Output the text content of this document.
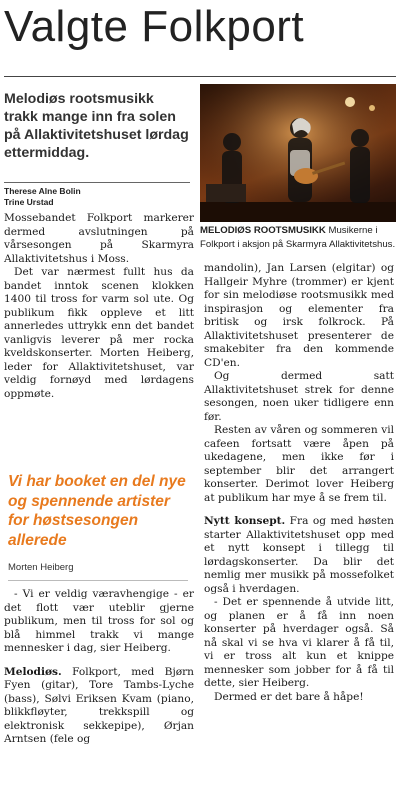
Valgte Folkport
Melodiøs rootsmusikk trakk mange inn fra solen på Allaktivitetshuset lørdag ettermiddag.
Therese Alne Bolin
Trine Urstad
MELODIØS ROOTSMUSIKK Musikerne i Folkport i aksjon på Skarmyra Allaktivitetshus.

Mossebandet Folkport markerer dermed avslutningen på vårsesongen på Skarmyra Allaktivitetshus i Moss.

Det var nærmest fullt hus da bandet inntok scenen klokken 1400 til tross for varm sol ute. Og publikum fikk oppleve et litt annerledes uttrykk enn det bandet vanligvis leverer på mer rocka kveldskonserter. Morten Heiberg, leder for Allaktivitetshuset, var veldig fornøyd med lørdagens oppmøte.

Vi har booket en del nye og spennende artister for høstsesongen allerede
Morten Heiberg

- Vi er veldig væravhengige - er det flott vær uteblir gjerne publikum, men til tross for sol og blå himmel trakk vi mange mennesker i dag, sier Heiberg.

Melodiøs. Folkport, med Bjørn Fyen (gitar), Tore Tambs-Lyche (bass), Sølvi Eriksen Kvam (piano, blikkfløyter, trekkspill og elektronisk sekkepipe), Ørjan Arntsen (fele og

mandolin), Jan Larsen (elgitar) og Hallgeir Myhre (trommer) er kjent for sin melodiøse rootsmusikk med inspirasjon og elementer fra britisk og irsk folkrock. På Allaktivitetshuset presenterer de smakebiter fra den kommende CD'en.

Og dermed satt Allaktivitetshuset strek for denne sesongen, noen uker tidligere enn før.

Resten av våren og sommeren vil cafeen fortsatt være åpen på ukedagene, men ikke før i september blir det arrangert konserter. Derimot lover Heiberg at publikum har mye å se frem til.

Nytt konsept. Fra og med høsten starter Allaktivitetshuset opp med et nytt konsept i tillegg til lørdagskonserter. Da blir det nemlig mer musikk på mossefolket også i hverdagen.

- Det er spennende å utvide litt, og planen er å få inn noen konserter på hverdager også. Så nå skal vi se hva vi klarer å få til, vi er tross alt kun et knippe mennesker som jobber for å få til dette, sier Heiberg.

Dermed er det bare å håpe!
